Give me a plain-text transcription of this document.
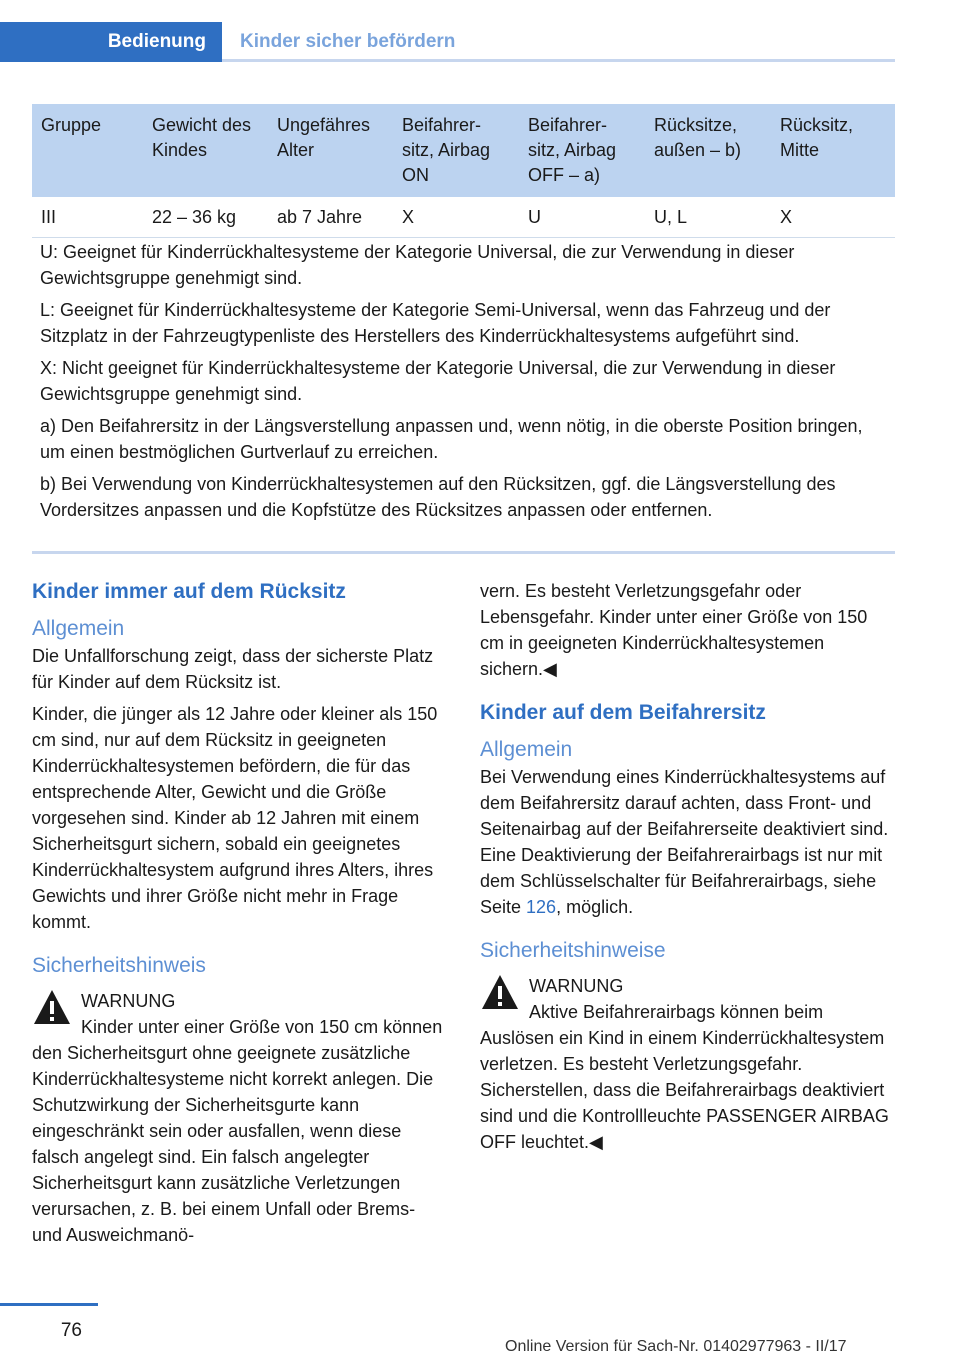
Bedienung	Kinder sicher befördern
Gruppe	Gewicht des Kindes	Ungefähres Alter	Beifahrer-sitz, Airbag ON	Beifahrer-sitz, Airbag OFF – a)	Rücksitze, außen – b)	Rücksitz, Mitte
III	22 – 36 kg	ab 7 Jahre	X	U	U, L	X

U: Geeignet für Kinderrückhaltesysteme der Kategorie Universal, die zur Verwendung in dieser Gewichtsgruppe genehmigt sind.

L: Geeignet für Kinderrückhaltesysteme der Kategorie Semi-Universal, wenn das Fahrzeug und der Sitzplatz in der Fahrzeugtypenliste des Herstellers des Kinderrückhaltesystems aufgeführt sind.

X: Nicht geeignet für Kinderrückhaltesysteme der Kategorie Universal, die zur Verwendung in dieser Gewichtsgruppe genehmigt sind.

a) Den Beifahrersitz in der Längsverstellung anpassen und, wenn nötig, in die oberste Position bringen, um einen bestmöglichen Gurtverlauf zu erreichen.

b) Bei Verwendung von Kinderrückhaltesystemen auf den Rücksitzen, ggf. die Längsverstellung des Vordersitzes anpassen und die Kopfstütze des Rücksitzes anpassen oder entfernen.

Kinder immer auf dem Rücksitz
Allgemein

Die Unfallforschung zeigt, dass der sicherste Platz für Kinder auf dem Rücksitz ist.

Kinder, die jünger als 12 Jahre oder kleiner als 150 cm sind, nur auf dem Rücksitz in geeigneten Kinderrückhaltesystemen befördern, die für das entsprechende Alter, Gewicht und die Größe vorgesehen sind. Kinder ab 12 Jahren mit einem Sicherheitsgurt sichern, sobald ein geeignetes Kinderrückhaltesystem aufgrund ihres Alters, ihres Gewichts und ihrer Größe nicht mehr in Frage kommt.

Sicherheitshinweis
WARNUNG
Kinder unter einer Größe von 150 cm können den Sicherheitsgurt ohne geeignete zusätzliche Kinderrückhaltesysteme nicht korrekt anlegen. Die Schutzwirkung der Sicherheitsgurte kann eingeschränkt sein oder ausfallen, wenn diese falsch angelegt sind. Ein falsch angelegter Sicherheitsgurt kann zusätzliche Verletzungen verursachen, z. B. bei einem Unfall oder Brems- und Ausweichmanö-

vern. Es besteht Verletzungsgefahr oder Lebensgefahr. Kinder unter einer Größe von 150 cm in geeigneten Kinderrückhaltesystemen sichern.◀

Kinder auf dem Beifahrersitz
Allgemein

Bei Verwendung eines Kinderrückhaltesystems auf dem Beifahrersitz darauf achten, dass Front- und Seitenairbag auf der Beifahrerseite deaktiviert sind. Eine Deaktivierung der Beifahrerairbags ist nur mit dem Schlüsselschalter für Beifahrerairbags, siehe Seite 126, möglich.

Sicherheitshinweise
WARNUNG
Aktive Beifahrerairbags können beim Auslösen ein Kind in einem Kinderrückhaltesystem verletzen. Es besteht Verletzungsgefahr. Sicherstellen, dass die Beifahrerairbags deaktiviert sind und die Kontrollleuchte PASSENGER AIRBAG OFF leuchtet.◀
76
Online Version für Sach-Nr. 01402977963 - II/17
